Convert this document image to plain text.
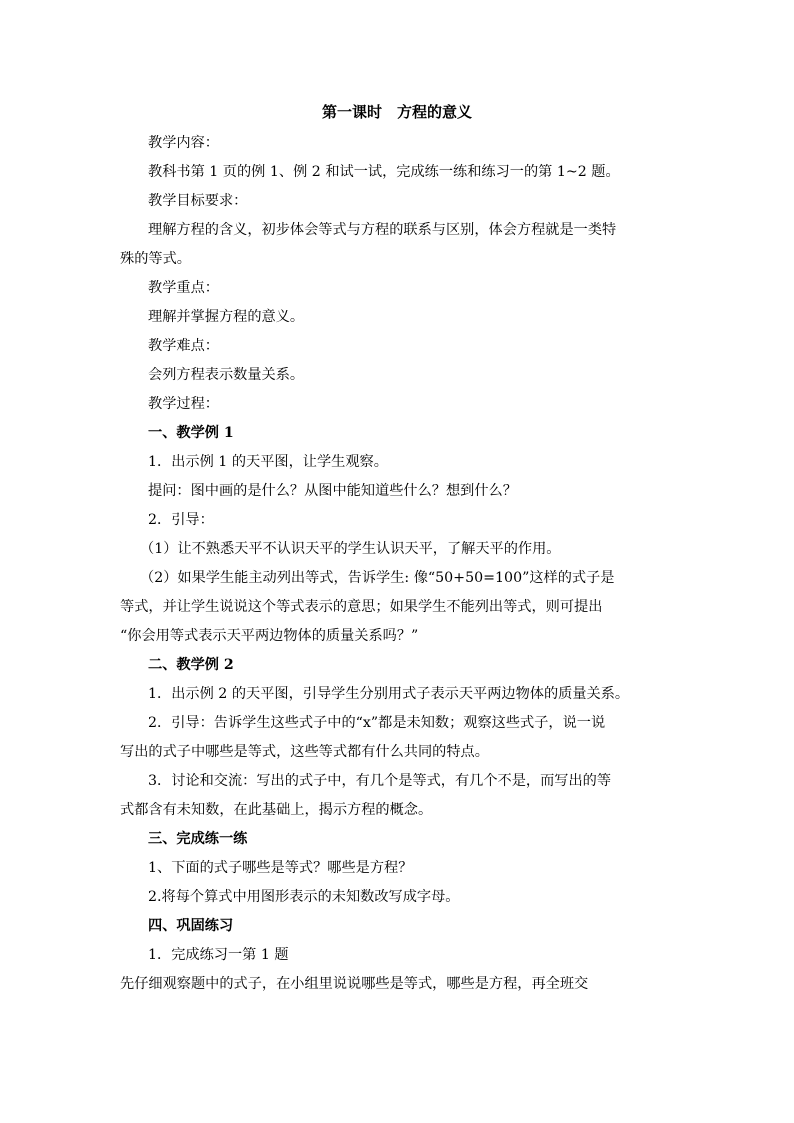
第一课时　方程的意义

教学内容：

教科书第 1 页的例 1、例 2 和试一试，完成练一练和练习一的第 1~2 题。

教学目标要求：

理解方程的含义，初步体会等式与方程的联系与区别，体会方程就是一类特

殊的等式。

教学重点：

理解并掌握方程的意义。

教学难点：

会列方程表示数量关系。

教学过程：

一、教学例 1

1．出示例 1 的天平图，让学生观察。

提问：图中画的是什么？从图中能知道些什么？想到什么？

2．引导：

（1）让不熟悉天平不认识天平的学生认识天平，了解天平的作用。

（2）如果学生能主动列出等式，告诉学生: 像“50+50=100”这样的式子是

等式，并让学生说说这个等式表示的意思；如果学生不能列出等式，则可提出

“你会用等式表示天平两边物体的质量关系吗？”

二、教学例 2

1．出示例 2 的天平图，引导学生分别用式子表示天平两边物体的质量关系。

2．引导：告诉学生这些式子中的“x”都是未知数；观察这些式子，说一说

写出的式子中哪些是等式，这些等式都有什么共同的特点。

3．讨论和交流：写出的式子中，有几个是等式，有几个不是，而写出的等

式都含有未知数，在此基础上，揭示方程的概念。

三、完成练一练

1、下面的式子哪些是等式？哪些是方程？

2.将每个算式中用图形表示的未知数改写成字母。

四、巩固练习

1．完成练习一第 1 题

先仔细观察题中的式子，在小组里说说哪些是等式，哪些是方程，再全班交
